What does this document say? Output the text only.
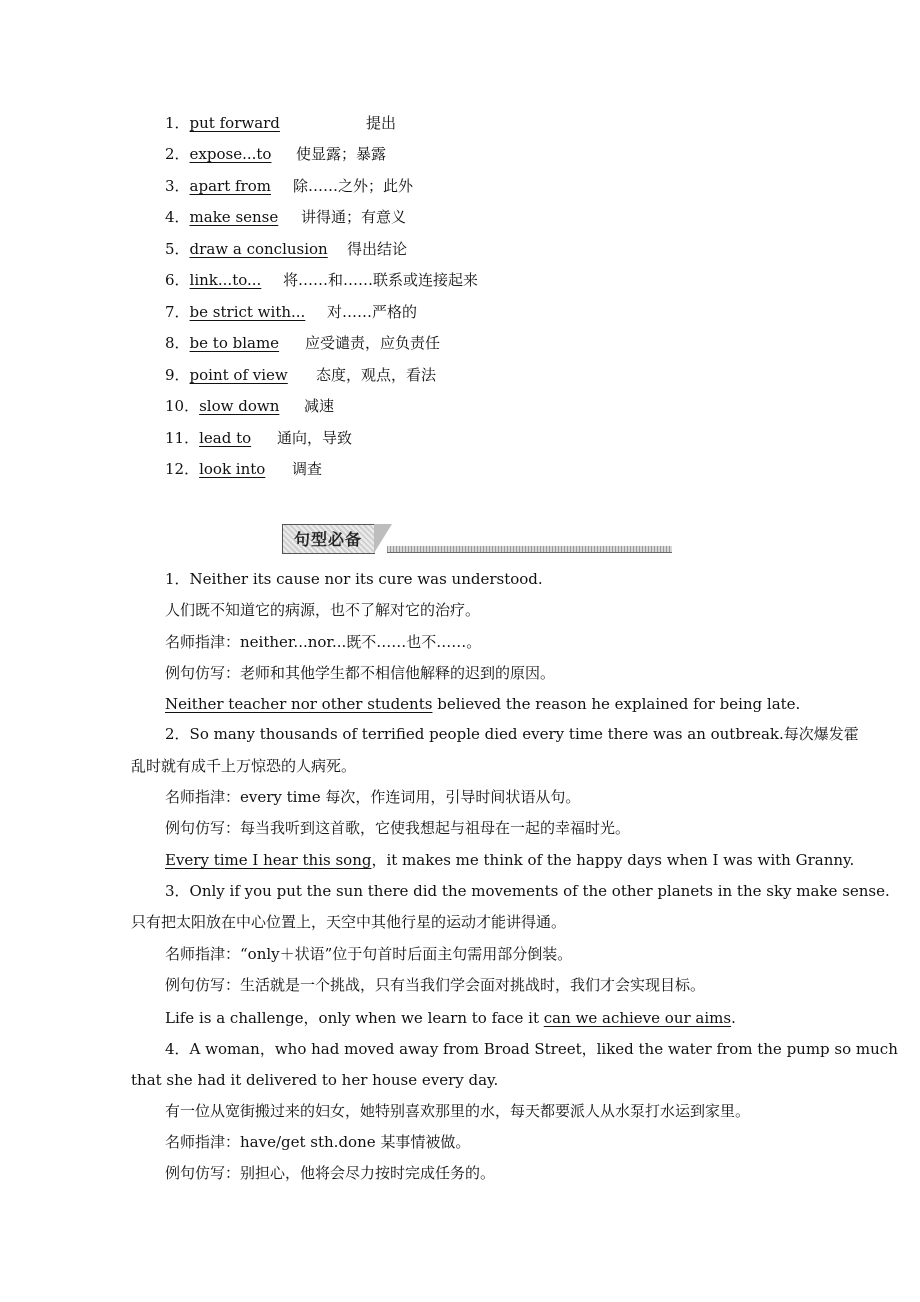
1．put forward	提出
2．expose...to 使显露；暴露
3．apart from 除……之外；此外
4．make sense 讲得通；有意义
5．draw a conclusion 得出结论
6．link...to... 将……和……联系或连接起来
7．be strict with... 对……严格的
8．be to blame 应受谴责，应负责任
9．point of view 态度，观点，看法
10．slow down 减速
11．lead to 通向，导致
12．look into 调查
句型必备
1．Neither its cause nor its cure was understood.
人们既不知道它的病源，也不了解对它的治疗。
名师指津：neither...nor...既不……也不……。
例句仿写：老师和其他学生都不相信他解释的迟到的原因。
Neither teacher nor other students believed the reason he explained for being late.
2．So many thousands of terrified people died every time there was an outbreak.每次爆发霍
乱时就有成千上万惊恐的人病死。
名师指津：every time 每次，作连词用，引导时间状语从句。
例句仿写：每当我听到这首歌，它使我想起与祖母在一起的幸福时光。
Every time I hear this song，it makes me think of the happy days when I was with Granny.
3．Only if you put the sun there did the movements of the other planets in the sky make sense.
只有把太阳放在中心位置上，天空中其他行星的运动才能讲得通。
名师指津：“only＋状语”位于句首时后面主句需用部分倒装。
例句仿写：生活就是一个挑战，只有当我们学会面对挑战时，我们才会实现目标。
Life is a challenge，only when we learn to face it can we achieve our aims.
4．A woman，who had moved away from Broad Street，liked the water from the pump so much
that she had it delivered to her house every day.
有一位从宽街搬过来的妇女，她特别喜欢那里的水，每天都要派人从水泵打水运到家里。
名师指津：have/get sth.done 某事情被做。
例句仿写：别担心，他将会尽力按时完成任务的。
